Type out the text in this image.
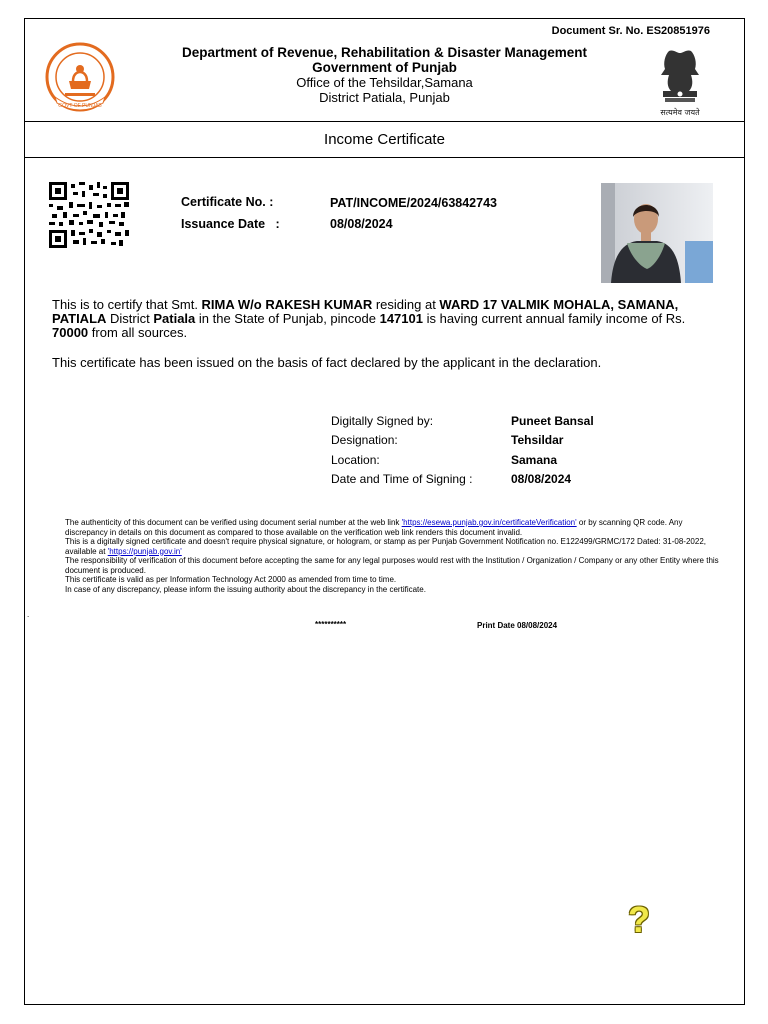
Document Sr. No. ES20851976
GOVT OF PUNJAB
Department of Revenue, Rehabilitation & Disaster Management
Government of Punjab
Office of the Tehsildar,Samana
District Patiala, Punjab
सत्यमेव जयते
Income Certificate
Certificate No. :	PAT/INCOME/2024/63842743
Issuance Date   :	08/08/2024
This is to certify that Smt. RIMA W/o RAKESH KUMAR residing at WARD 17 VALMIK MOHALA, SAMANA, PATIALA District Patiala in the State of Punjab, pincode 147101 is having current annual family income of Rs. 70000 from all sources.
This certificate has been issued on the basis of fact declared by the applicant in the declaration.
Digitally Signed by:	Puneet Bansal
Designation:	Tehsildar
Location:	Samana
Date and Time of Signing :	08/08/2024
The authenticity of this document can be verified using document serial number at the web link 'https://esewa.punjab.gov.in/certificateVerification' or by scanning QR code. Any discrepancy in details on this document as compared to those available on the verification web link renders this document invalid.
This is a digitally signed certificate and doesn't require physical signature, or hologram, or stamp as per Punjab Government Notification no. E122499/GRMC/172 Dated: 31-08-2022, available at 'https://punjab.gov.in'
The responsibility of verification of this document before accepting the same for any legal purposes would rest with the Institution / Organization / Company or any other Entity where this document is produced.
This certificate is valid as per Information Technology Act 2000 as amended from time to time.
In case of any discrepancy, please inform the issuing authority about the discrepancy in the certificate.
.
**********	Print Date 08/08/2024
?
